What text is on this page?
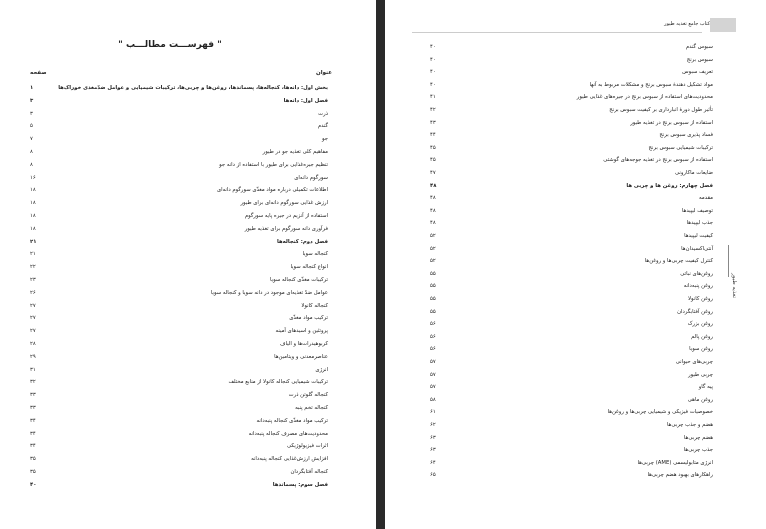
" فهرســـت مطالـــب "
صفحه	عنوان
بخش اول: دانه‌ها، کنجاله‌ها، پسماندها، روغن‌ها و چربی‌ها، ترکیبات شیمیایی و عوامل ضدّمغذی خوراک‌ها
۱
فصل اول: دانه‌ها
۳
ذرت
۳
گندم
۵
جو
۷
مفاهیم کلی تغذیه جو در طیور
۸
تنظیم جیره‌غذایی برای طیور با استفاده از دانه جو
۸
سورگوم دانه‌ای
۱۶
اطلاعات تکمیلی درباره مواد مغذّی سورگوم دانه‌ای
۱۸
ارزش غذایی سورگوم دانه‌ای برای طیور
۱۸
استفاده از آنزیم در جیره پایه سورگوم
۱۸
فرآوری دانه سورگوم برای تغذیه طیور
۱۸
فصل دوم: کنجاله‌ها
۲۱
کنجاله سویا
۲۱
انواع کنجاله سویا
۲۲
ترکیبات مغذّی کنجاله سویا
۲۳
عوامل ضدّ تغذیه‌ای موجود در دانه سویا و کنجاله سویا
۲۶
کنجاله کانولا
۲۷
ترکیب مواد مغذّی
۲۷
پروتئین و اسیدهای آمینه
۲۷
کربوهیدرات‌ها و الیاف
۲۸
عناصرمعدنی و ویتامین‌ها
۲۹
انرژی
۳۱
ترکیبات شیمیایی کنجاله کانولا از منابع مختلف
۳۲
کنجاله گلوتن ذرت
۳۳
کنجاله تخم پنبه
۳۳
ترکیب مواد مغذّی کنجاله پنبه‌دانه
۳۴
محدودیت‌های مصرف کنجاله پنبه‌دانه
۳۴
اثرات فیزیولوژیکی
۳۴
افزایش ارزش‌غذایی کنجاله پنبه‌دانه
۳۵
کنجاله آفتابگردان
۳۵
فصل سوم: پسماندها
۴۰
کتاب جامع تغذیه طیور
تغذیه طیور
سبوس گندم
۴۰
سبوس برنج
۴۰
تعریف سبوس
۴۰
مواد تشکیل دهندهٔ سبوس برنج و مشکلات مربوط به آنها
۴۰
محدودیت‌های استفاده از سبوس برنج در جیره‌های غذایی طیور
۴۱
تأثیر طول دورهٔ انبارداری بر کیفیت سبوس برنج
۴۲
استفاده از سبوس برنج در تغذیه طیور
۴۳
فساد پذیری سبوس برنج
۴۴
ترکیبات شیمیایی سبوس برنج
۴۵
استفاده از سبوس برنج در تغذیه جوجه‌های گوشتی
۴۵
ضایعات ماکارونی
۴۷
فصل چهارم: روغن ها و چربی ها
۴۸
مقدمه
۴۸
توصیف لیپیدها
۴۸
جذب لیپیدها
۴۸
کیفیت لیپیدها
۵۲
آنتی‌اکسیدان‌ها
۵۲
کنترل کیفیت چربی‌ها و روغن‌ها
۵۲
روغن‌های نباتی
۵۵
روغن پنبه‌دانه
۵۵
روغن کانولا
۵۵
روغن آفتابگردان
۵۵
روغن بزرک
۵۶
روغن پالم
۵۶
روغن سویا
۵۶
چربی‌های حیوانی
۵۷
چربی طیور
۵۷
پیه گاو
۵۷
روغن ماهی
۵۸
خصوصیات فیزیکی و شیمیایی چربی‌ها و روغن‌ها
۶۱
هضم و جذب چربی‌ها
۶۲
هضم چربی‌ها
۶۳
جذب چربی‌ها
۶۳
انرژی متابولیسمی (AME) چربی‌ها
۶۴
راهکارهای بهبود هضم چربی‌ها
۶۵
